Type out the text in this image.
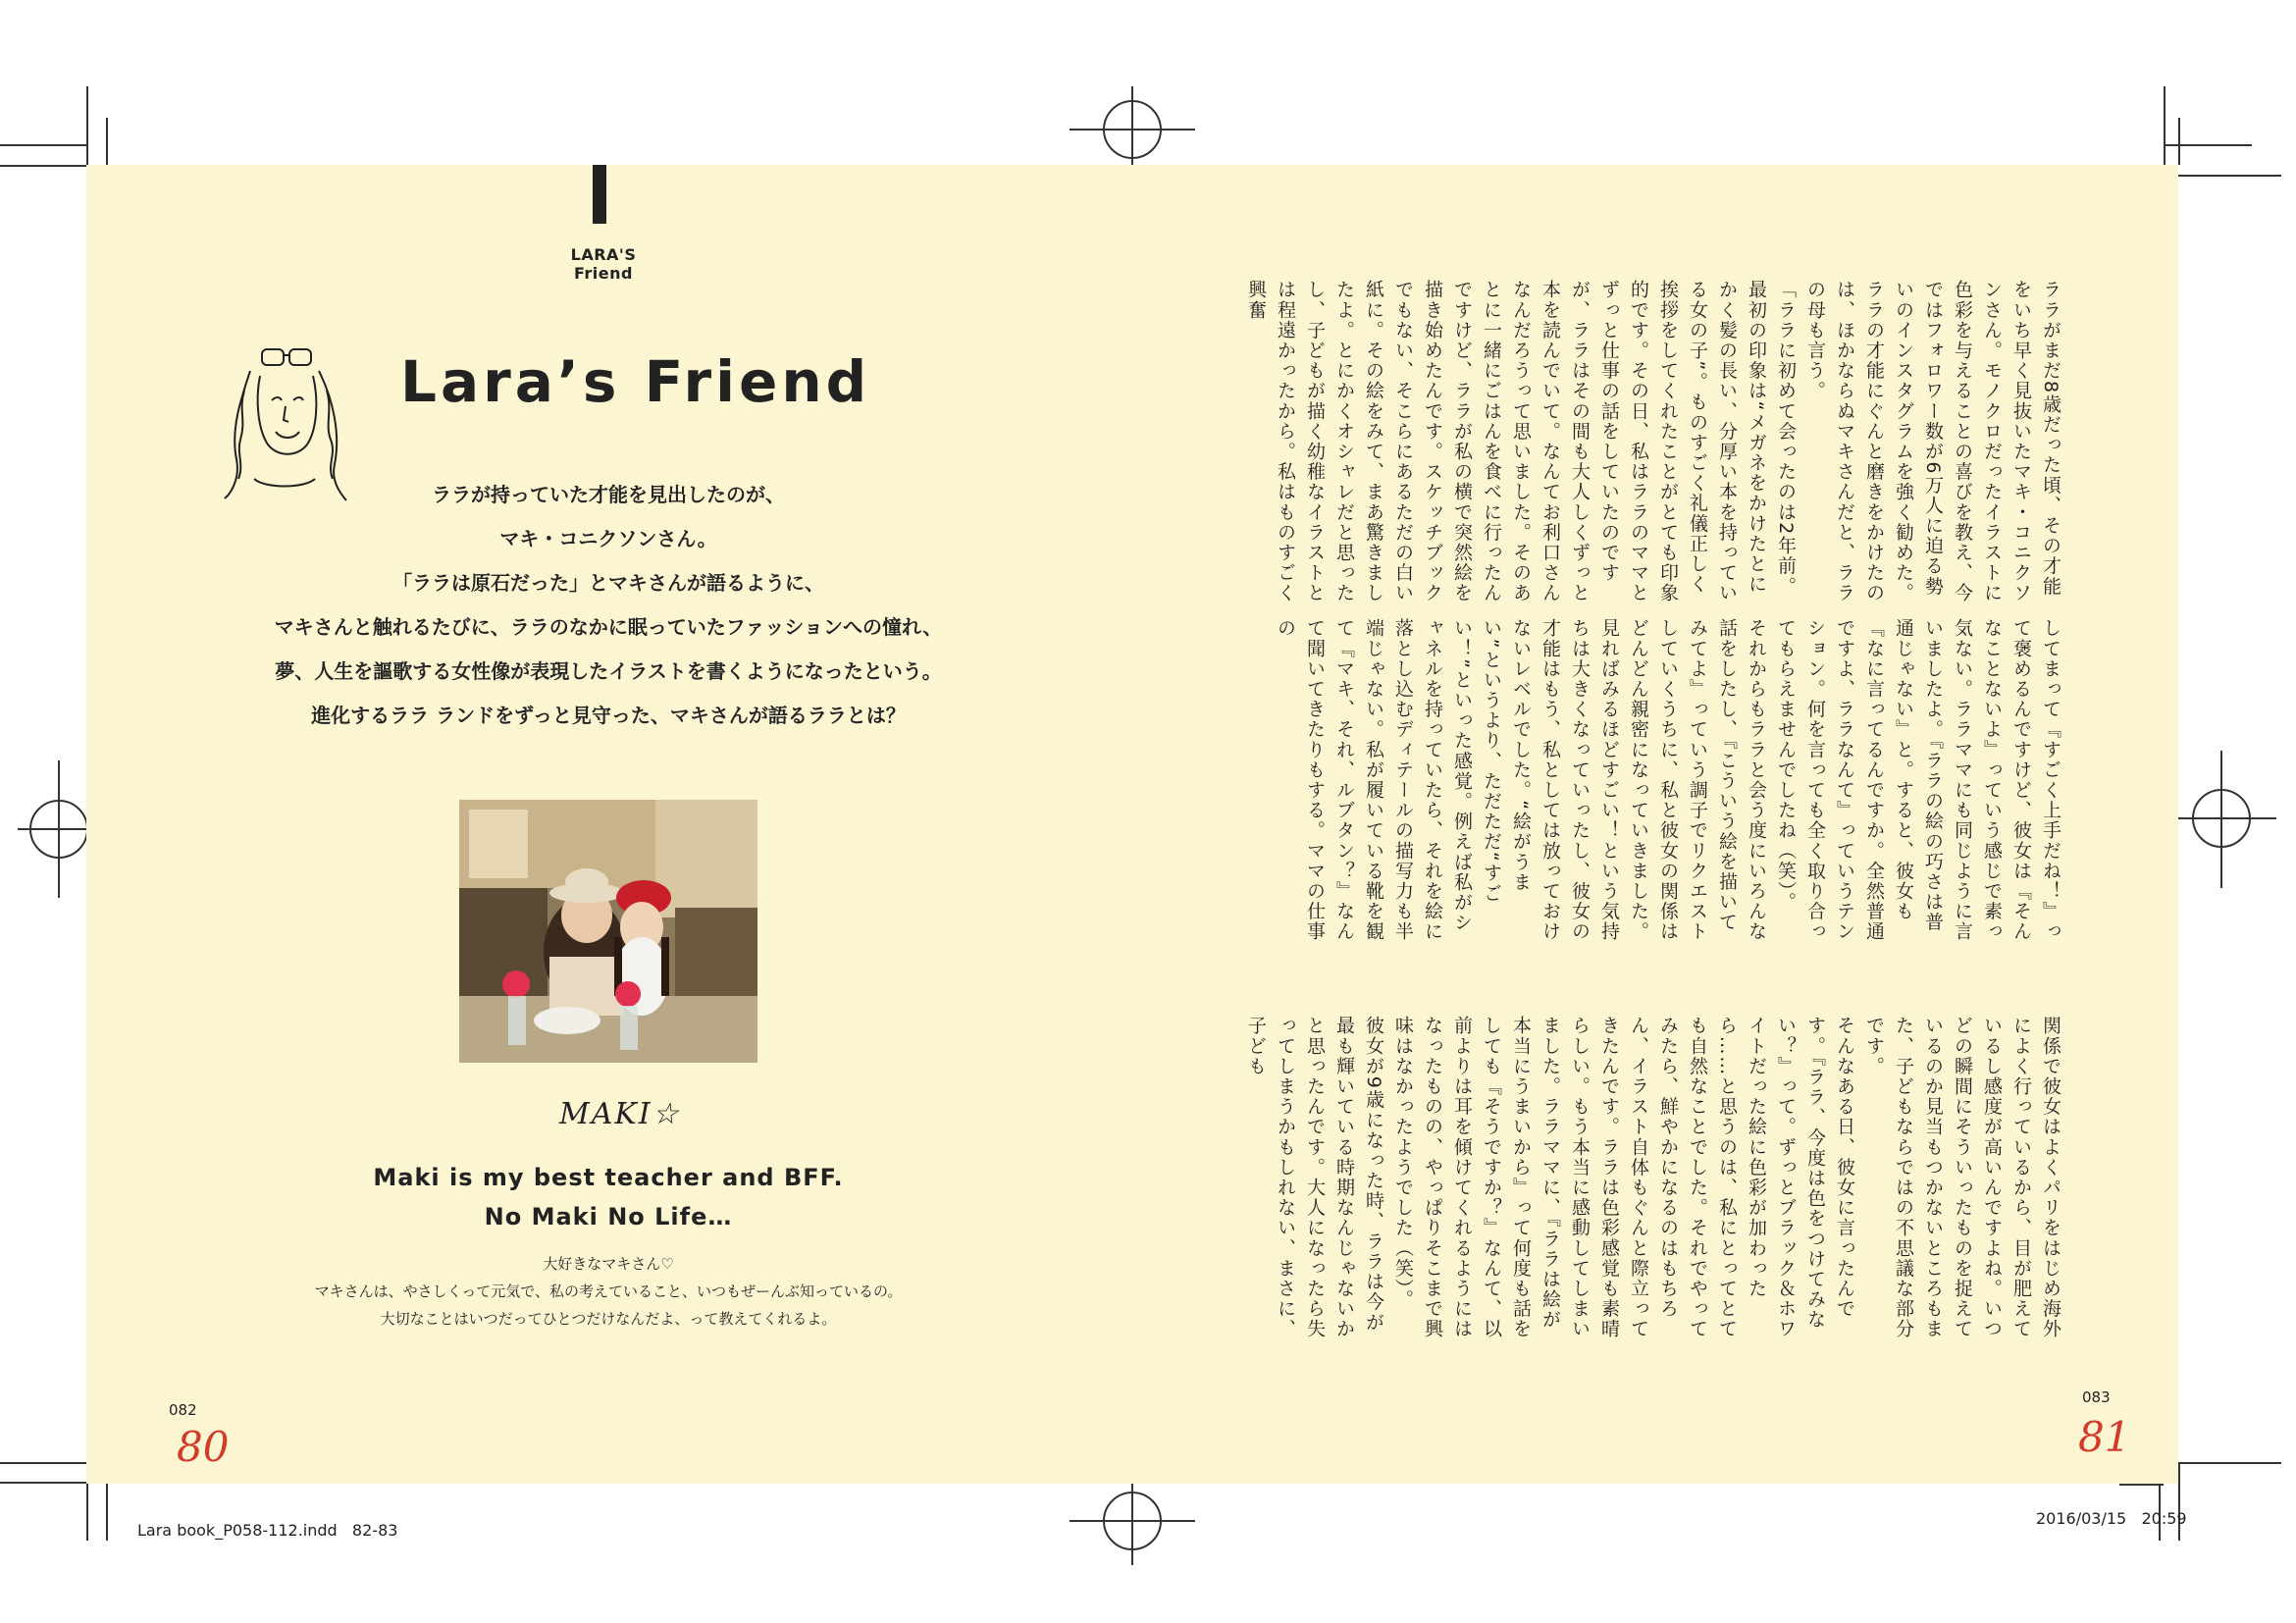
LARA'S Friend
Lara’s Friend
ララが持っていた才能を見出したのが、
マキ・コニクソンさん。
「ララは原石だった」とマキさんが語るように、
マキさんと触れるたびに、ララのなかに眠っていたファッションへの憧れ、
夢、人生を謳歌する女性像が表現したイラストを書くようになったという。
進化するララ ランドをずっと見守った、マキさんが語るララとは？
MAKI☆
Maki is my best teacher and BFF.
No Maki No Life…
大好きなマキさん♡
マキさんは、やさしくって元気で、私の考えていること、いつもぜーんぶ知っているの。
大切なことはいつだってひとつだけなんだよ、って教えてくれるよ。
082
80

ララがまだ8歳だった頃、その才能をいち早く見抜いたマキ・コニクソンさん。モノクロだったイラストに色彩を与えることの喜びを教え、今ではフォロワー数が6万人に迫る勢いのインスタグラムを強く勧めた。ララの才能にぐんと磨きをかけたのは、ほかならぬマキさんだと、ララの母も言う。

「ララに初めて会ったのは2年前。最初の印象は“メガネをかけたとにかく髪の長い、分厚い本を持っている女の子”。ものすごく礼儀正しく挨拶をしてくれたことがとても印象的です。その日、私はララのママとずっと仕事の話をしていたのですが、ララはその間も大人しくずっと本を読んでいて。なんてお利口さんなんだろうって思いました。そのあとに一緒にごはんを食べに行ったんですけど、ララが私の横で突然絵を描き始めたんです。スケッチブックでもない、そこらにあるただの白い紙に。その絵をみて、まあ驚きましたよ。とにかくオシャレだと思ったし、子どもが描く幼稚なイラストとは程遠かったから。私はものすごく興奮

してまって『すごく上手だね！』って褒めるんですけど、彼女は『そんなことないよ』っていう感じで素っ気ない。ララママにも同じように言いましたよ。『ララの絵の巧さは普通じゃない』と。すると、彼女も『なに言ってるんですか。全然普通ですよ、ララなんて』っていうテンション。何を言っても全く取り合ってもらえませんでしたね（笑）。

それからもララと会う度にいろんな話をしたし、『こういう絵を描いてみてよ』っていう調子でリクエストしていくうちに、私と彼女の関係はどんどん親密になっていきました。見ればみるほどすごい！という気持ちは大きくなっていったし、彼女の才能はもう、私としては放っておけないレベルでした。“絵がうまい”というより、ただただ“すごい！”といった感覚。例えば私がシャネルを持っていたら、それを絵に落とし込むディテールの描写力も半端じゃない。私が履いている靴を観て『マキ、それ、ルブタン？』なんて聞いてきたりもする。ママの仕事の

関係で彼女はよくパリをはじめ海外によく行っているから、目が肥えているし感度が高いんですよね。いつどの瞬間にそういったものを捉えているのか見当もつかないところもまた、子どもならではの不思議な部分です。

そんなある日、彼女に言ったんです。『ララ、今度は色をつけてみない？』って。ずっとブラック＆ホワイトだった絵に色彩が加わったら……と思うのは、私にとってとても自然なことでした。それでやってみたら、鮮やかになるのはもちろん、イラスト自体もぐんと際立ってきたんです。ララは色彩感覚も素晴らしい。もう本当に感動してしまいました。ララママに、『ララは絵が本当にうまいから』って何度も話をしても『そうですか？』なんて、以前よりは耳を傾けてくれるようにはなったものの、やっぱりそこまで興味はなかったようでした（笑）。

彼女が9歳になった時、ララは今が最も輝いている時期なんじゃないかと思ったんです。大人になったら失ってしまうかもしれない、まさに、子ども

083
81
Lara book_P058-112.indd   82-83
2016/03/15   20:59
